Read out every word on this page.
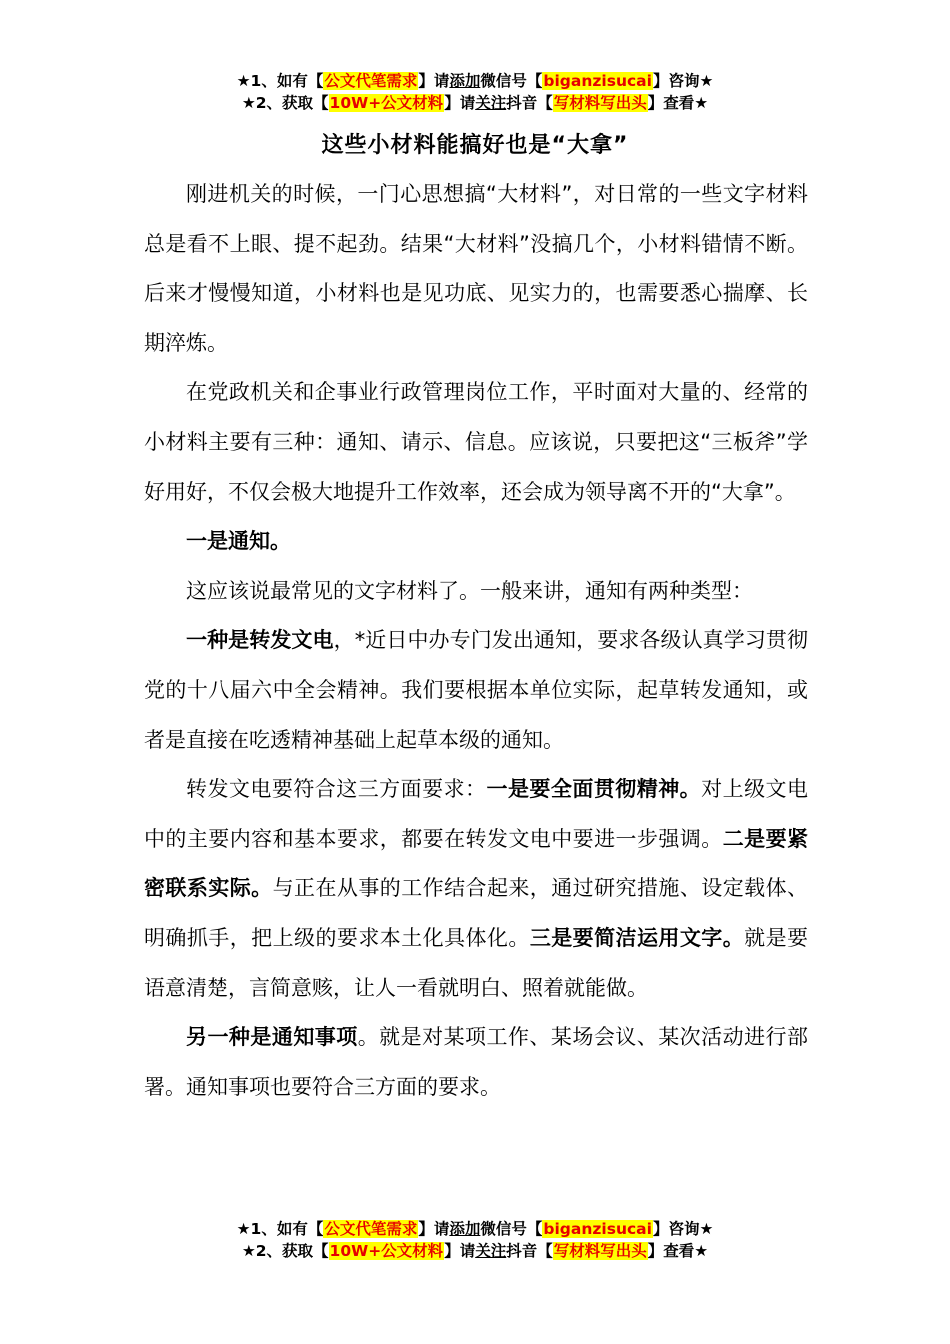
★1、如有【公文代笔需求】请添加微信号【biganzisucai】咨询★
★2、获取【10W+公文材料】请关注抖音【写材料写出头】查看★
这些小材料能搞好也是“大拿”

刚进机关的时候，一门心思想搞“大材料”，对日常的一些文字材料总是看不上眼、提不起劲。结果“大材料”没搞几个，小材料错情不断。后来才慢慢知道，小材料也是见功底、见实力的，也需要悉心揣摩、长期淬炼。

在党政机关和企事业行政管理岗位工作，平时面对大量的、经常的小材料主要有三种：通知、请示、信息。应该说，只要把这“三板斧”学好用好，不仅会极大地提升工作效率，还会成为领导离不开的“大拿”。

一是通知。

这应该说最常见的文字材料了。一般来讲，通知有两种类型：

一种是转发文电，*近日中办专门发出通知，要求各级认真学习贯彻党的十八届六中全会精神。我们要根据本单位实际，起草转发通知，或者是直接在吃透精神基础上起草本级的通知。

转发文电要符合这三方面要求：一是要全面贯彻精神。对上级文电中的主要内容和基本要求，都要在转发文电中要进一步强调。二是要紧密联系实际。与正在从事的工作结合起来，通过研究措施、设定载体、明确抓手，把上级的要求本土化具体化。三是要简洁运用文字。就是要语意清楚，言简意赅，让人一看就明白、照着就能做。

另一种是通知事项。就是对某项工作、某场会议、某次活动进行部署。通知事项也要符合三方面的要求。

★1、如有【公文代笔需求】请添加微信号【biganzisucai】咨询★
★2、获取【10W+公文材料】请关注抖音【写材料写出头】查看★
